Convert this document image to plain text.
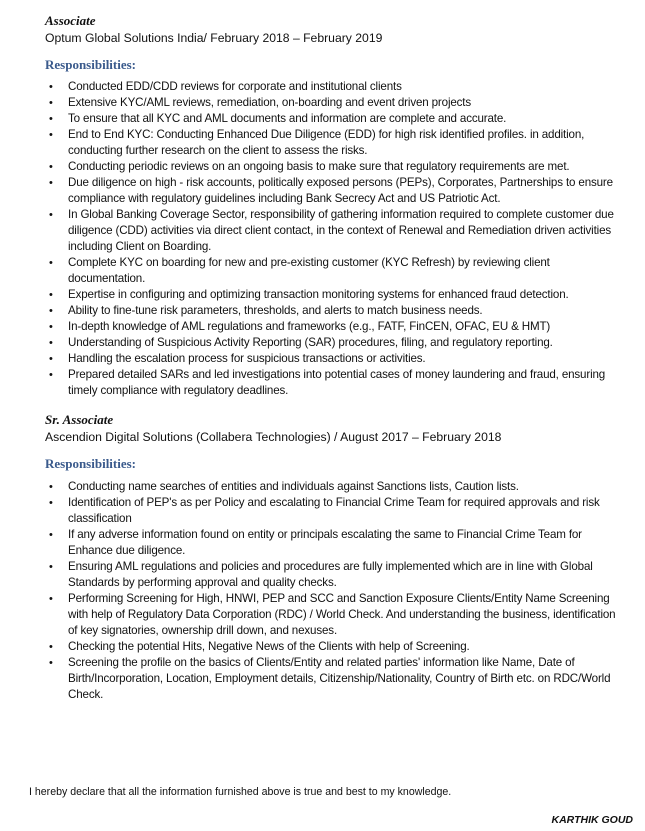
Associate

Optum Global Solutions India/ February 2018 – February 2019

Responsibilities:

• Conducted EDD/CDD reviews for corporate and institutional clients
• Extensive KYC/AML reviews, remediation, on-boarding and event driven projects
• To ensure that all KYC and AML documents and information are complete and accurate.
• End to End KYC: Conducting Enhanced Due Diligence (EDD) for high risk identified profiles. in addition, conducting further research on the client to assess the risks.
• Conducting periodic reviews on an ongoing basis to make sure that regulatory requirements are met.
• Due diligence on high - risk accounts, politically exposed persons (PEPs), Corporates, Partnerships to ensure compliance with regulatory guidelines including Bank Secrecy Act and US Patriotic Act.
• In Global Banking Coverage Sector, responsibility of gathering information required to complete customer due diligence (CDD) activities via direct client contact, in the context of Renewal and Remediation driven activities including Client on Boarding.
• Complete KYC on boarding for new and pre-existing customer (KYC Refresh) by reviewing client documentation.
• Expertise in configuring and optimizing transaction monitoring systems for enhanced fraud detection.
• Ability to fine-tune risk parameters, thresholds, and alerts to match business needs.
• In-depth knowledge of AML regulations and frameworks (e.g., FATF, FinCEN, OFAC, EU & HMT)
• Understanding of Suspicious Activity Reporting (SAR) procedures, filing, and regulatory reporting.
• Handling the escalation process for suspicious transactions or activities.
• Prepared detailed SARs and led investigations into potential cases of money laundering and fraud, ensuring timely compliance with regulatory deadlines.

Sr. Associate

Ascendion Digital Solutions (Collabera Technologies) / August 2017 – February 2018

Responsibilities:

• Conducting name searches of entities and individuals against Sanctions lists, Caution lists.
• Identification of PEP's as per Policy and escalating to Financial Crime Team for required approvals and risk classification
• If any adverse information found on entity or principals escalating the same to Financial Crime Team for Enhance due diligence.
• Ensuring AML regulations and policies and procedures are fully implemented which are in line with Global Standards by performing approval and quality checks.
• Performing Screening for High, HNWI, PEP and SCC and Sanction Exposure Clients/Entity Name Screening with help of Regulatory Data Corporation (RDC) / World Check. And understanding the business, identification of key signatories, ownership drill down, and nexuses.
• Checking the potential Hits, Negative News of the Clients with help of Screening.
• Screening the profile on the basics of Clients/Entity and related parties' information like Name, Date of Birth/Incorporation, Location, Employment details, Citizenship/Nationality, Country of Birth etc. on RDC/World Check.

I hereby declare that all the information furnished above is true and best to my knowledge.

KARTHIK GOUD
